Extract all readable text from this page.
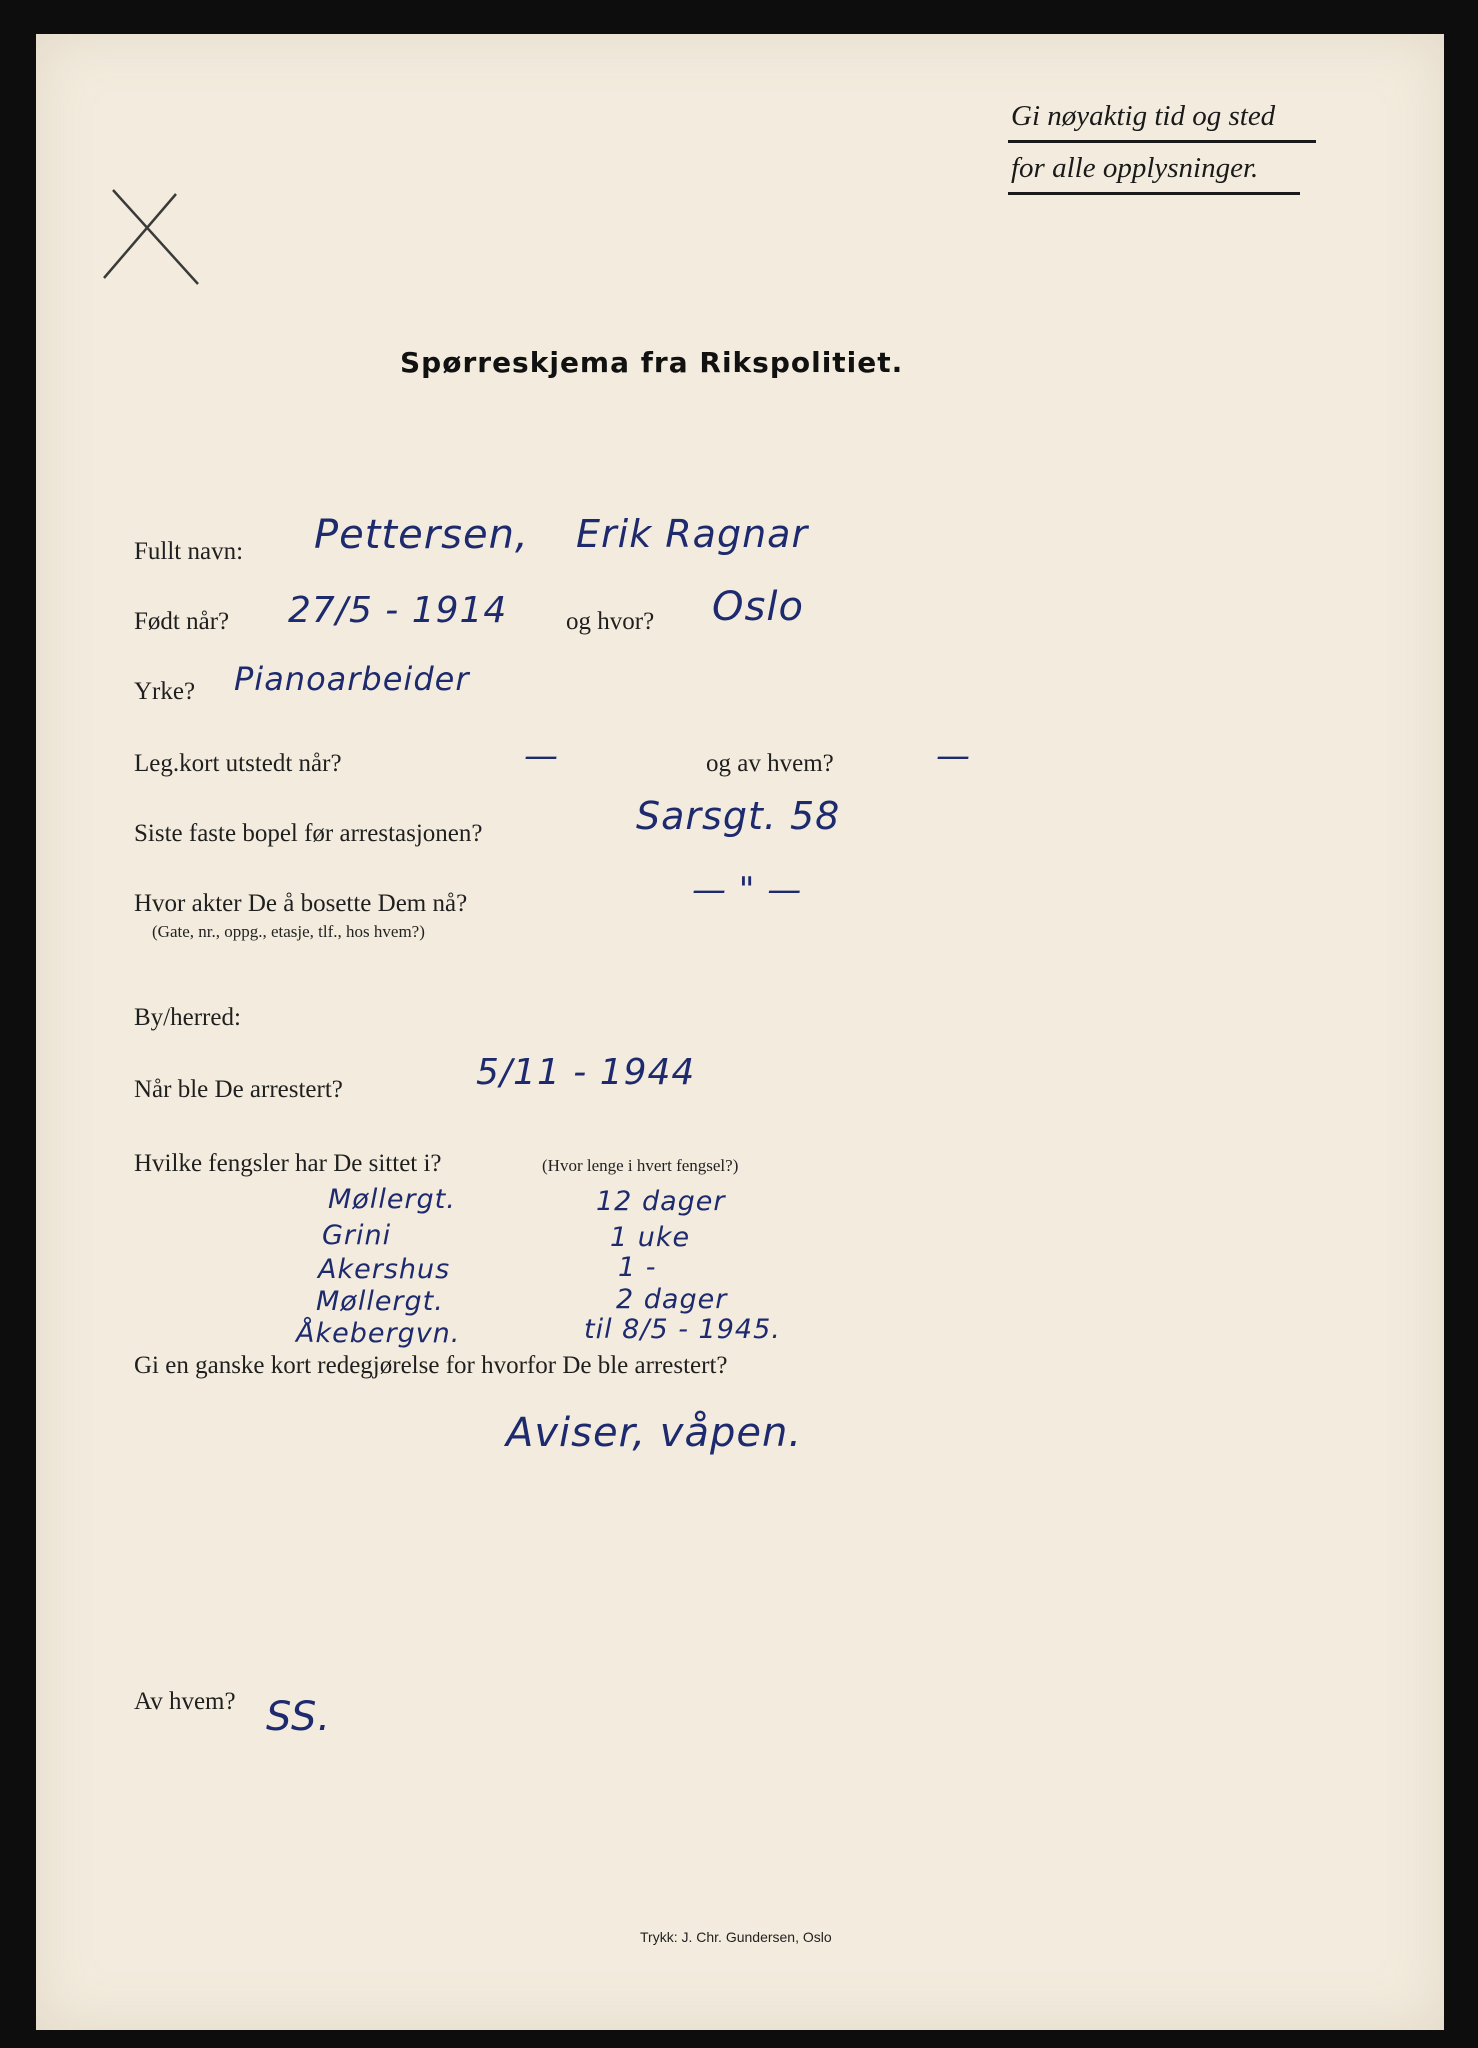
Gi nøyaktig tid og sted
for alle opplysninger.
Spørreskjema fra Rikspolitiet.
Fullt navn: Pettersen, Erik Ragnar
Født når? 27/5 - 1914 og hvor? Oslo
Yrke? Pianoarbeider
Leg.kort utstedt når?	—	og av hvem?	—
Siste faste bopel før arrestasjonen?	Sarsgt. 58
Hvor akter De å bosette Dem nå?
(Gate, nr., oppg., etasje, tlf., hos hvem?)
— " —
By/herred:
Når ble De arrestert?	5/11 - 1944
Hvilke fengsler har De sittet i?	(Hvor lenge i hvert fengsel?)
Møllergt.	12 dager
Grini	1 uke
Akershus	1 -
Møllergt.	2 dager
Åkebergvn.	til 8/5 - 1945.
Gi en ganske kort redegjørelse for hvorfor De ble arrestert?
Aviser, våpen.
Av hvem? SS.
Trykk: J. Chr. Gundersen, Oslo
